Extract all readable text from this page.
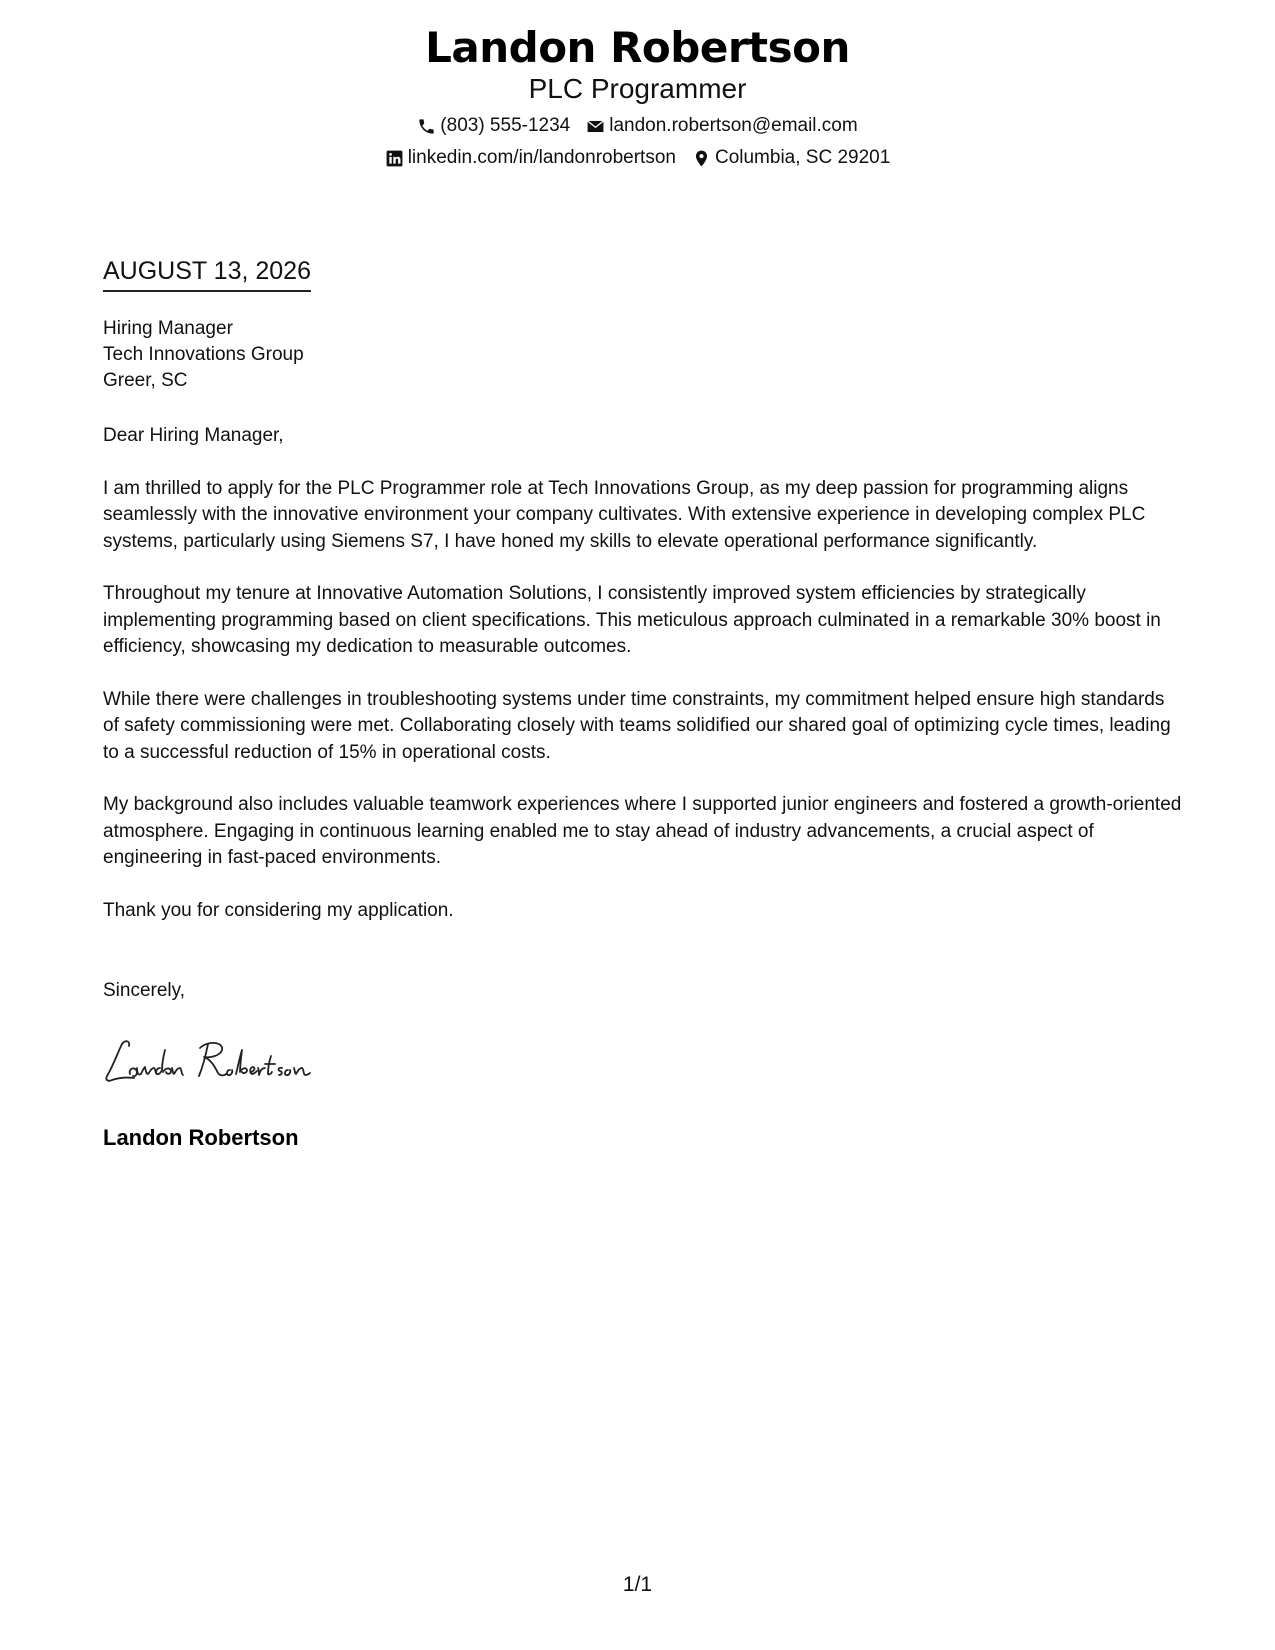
Landon Robertson
PLC Programmer
(803) 555-1234 landon.robertson@email.com
linkedin.com/in/landonrobertson Columbia, SC 29201
AUGUST 13, 2026
Hiring Manager
Tech Innovations Group
Greer, SC

Dear Hiring Manager,

I am thrilled to apply for the PLC Programmer role at Tech Innovations Group, as my deep passion for programming aligns seamlessly with the innovative environment your company cultivates. With extensive experience in developing complex PLC systems, particularly using Siemens S7, I have honed my skills to elevate operational performance significantly.

Throughout my tenure at Innovative Automation Solutions, I consistently improved system efficiencies by strategically implementing programming based on client specifications. This meticulous approach culminated in a remarkable 30% boost in efficiency, showcasing my dedication to measurable outcomes.

While there were challenges in troubleshooting systems under time constraints, my commitment helped ensure high standards of safety commissioning were met. Collaborating closely with teams solidified our shared goal of optimizing cycle times, leading to a successful reduction of 15% in operational costs.

My background also includes valuable teamwork experiences where I supported junior engineers and fostered a growth-oriented atmosphere. Engaging in continuous learning enabled me to stay ahead of industry advancements, a crucial aspect of engineering in fast-paced environments.

Thank you for considering my application.

Sincerely,
Landon Robertson
1/1
